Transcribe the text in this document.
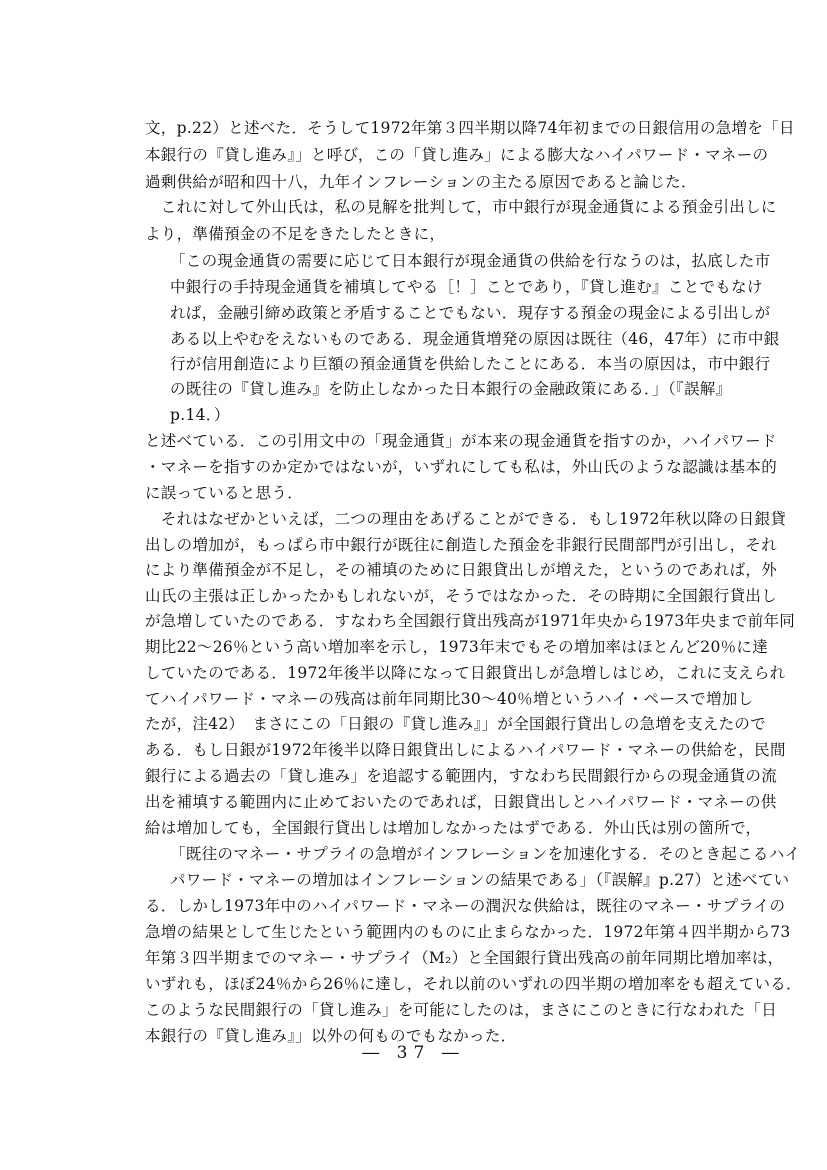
文，p.22）と述べた．そうして1972年第３四半期以降74年初までの日銀信用の急増を「日
本銀行の『貸し進み』」と呼び，この「貸し進み」による膨大なハイパワード・マネーの
過剰供給が昭和四十八，九年インフレーションの主たる原因であると論じた．
　これに対して外山氏は，私の見解を批判して，市中銀行が現金通貨による預金引出しに
より，準備預金の不足をきたしたときに，
「この現金通貨の需要に応じて日本銀行が現金通貨の供給を行なうのは，払底した市
中銀行の手持現金通貨を補填してやる［！］ことであり，『貸し進む』ことでもなけ
れば，金融引締め政策と矛盾することでもない．現存する預金の現金による引出しが
ある以上やむをえないものである．現金通貨増発の原因は既往（46，47年）に市中銀
行が信用創造により巨額の預金通貨を供給したことにある．本当の原因は，市中銀行
の既往の『貸し進み』を防止しなかった日本銀行の金融政策にある．」（『誤解』
p.14．）
と述べている．この引用文中の「現金通貨」が本来の現金通貨を指すのか，ハイパワード
・マネーを指すのか定かではないが，いずれにしても私は，外山氏のような認識は基本的
に誤っていると思う．
　それはなぜかといえば，二つの理由をあげることができる．もし1972年秋以降の日銀貸
出しの増加が，もっぱら市中銀行が既往に創造した預金を非銀行民間部門が引出し，それ
により準備預金が不足し，その補填のために日銀貸出しが増えた，というのであれば，外
山氏の主張は正しかったかもしれないが，そうではなかった．その時期に全国銀行貸出し
が急増していたのである．すなわち全国銀行貸出残高が1971年央から1973年央まで前年同
期比22～26％という高い増加率を示し，1973年末でもその増加率はほとんど20％に達
していたのである．1972年後半以降になって日銀貸出しが急増しはじめ，これに支えられ
てハイパワード・マネーの残高は前年同期比30～40％増というハイ・ペースで増加し
たが，注42）　まさにこの「日銀の『貸し進み』」が全国銀行貸出しの急増を支えたので
ある．もし日銀が1972年後半以降日銀貸出しによるハイパワード・マネーの供給を，民間
銀行による過去の「貸し進み」を追認する範囲内，すなわち民間銀行からの現金通貨の流
出を補填する範囲内に止めておいたのであれば，日銀貸出しとハイパワード・マネーの供
給は増加しても，全国銀行貸出しは増加しなかったはずである．外山氏は別の箇所で，
「既往のマネー・サプライの急増がインフレーションを加速化する．そのとき起こるハイ
パワード・マネーの増加はインフレーションの結果である」（『誤解』p.27）と述べてい
る．しかし1973年中のハイパワード・マネーの潤沢な供給は，既往のマネー・サプライの
急増の結果として生じたという範囲内のものに止まらなかった．1972年第４四半期から73
年第３四半期までのマネー・サプライ（M₂）と全国銀行貸出残高の前年同期比増加率は，
いずれも，ほぼ24％から26％に達し，それ以前のいずれの四半期の増加率をも超えている．
このような民間銀行の「貸し進み」を可能にしたのは，まさにこのときに行なわれた「日
本銀行の『貸し進み』」以外の何ものでもなかった．
― 37 ―
